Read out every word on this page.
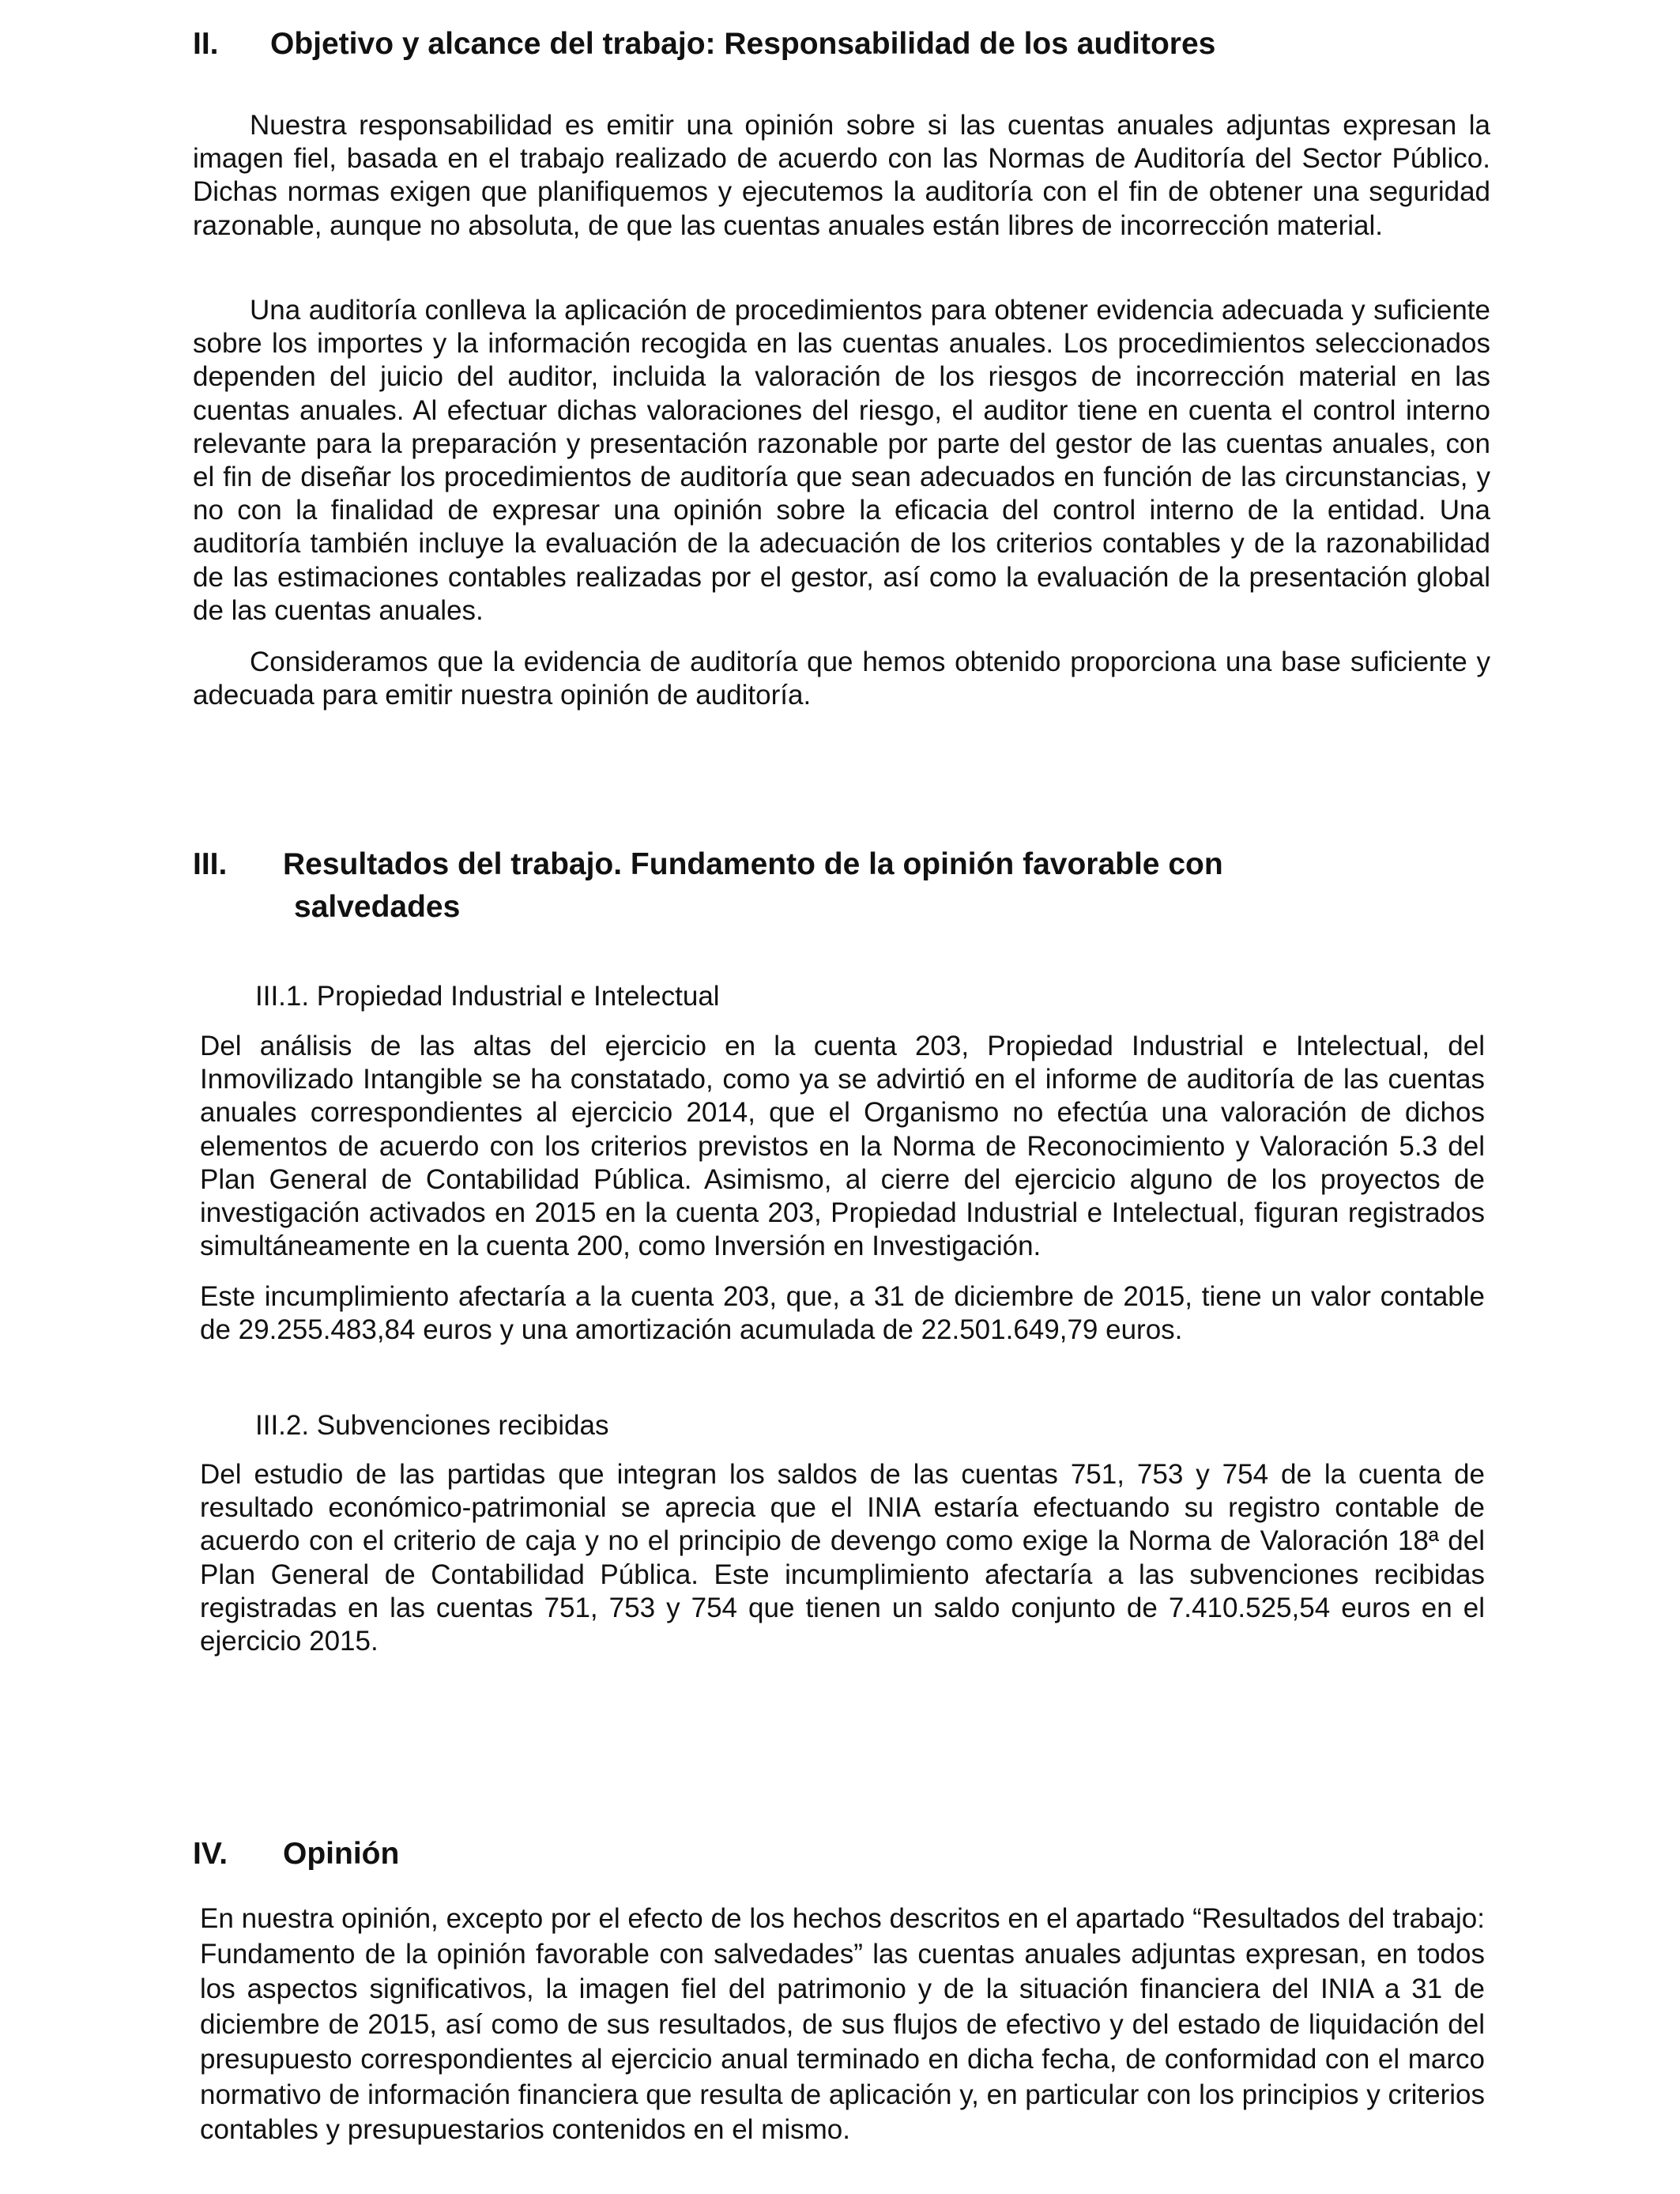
II. Objetivo y alcance del trabajo: Responsabilidad de los auditores

Nuestra responsabilidad es emitir una opinión sobre si las cuentas anuales adjuntas expresan la imagen fiel, basada en el trabajo realizado de acuerdo con las Normas de Auditoría del Sector Público. Dichas normas exigen que planifiquemos y ejecutemos la auditoría con el fin de obtener una seguridad razonable, aunque no absoluta, de que las cuentas anuales están libres de incorrección material.

Una auditoría conlleva la aplicación de procedimientos para obtener evidencia adecuada y suficiente sobre los importes y la información recogida en las cuentas anuales. Los procedimientos seleccionados dependen del juicio del auditor, incluida la valoración de los riesgos de incorrección material en las cuentas anuales. Al efectuar dichas valoraciones del riesgo, el auditor tiene en cuenta el control interno relevante para la preparación y presentación razonable por parte del gestor de las cuentas anuales, con el fin de diseñar los procedimientos de auditoría que sean adecuados en función de las circunstancias, y no con la finalidad de expresar una opinión sobre la eficacia del control interno de la entidad. Una auditoría también incluye la evaluación de la adecuación de los criterios contables y de la razonabilidad de las estimaciones contables realizadas por el gestor, así como la evaluación de la presentación global de las cuentas anuales.

Consideramos que la evidencia de auditoría que hemos obtenido proporciona una base suficiente y adecuada para emitir nuestra opinión de auditoría.

III. Resultados del trabajo. Fundamento de la opinión favorable con
salvedades
III.1. Propiedad Industrial e Intelectual

Del análisis de las altas del ejercicio en la cuenta 203, Propiedad Industrial e Intelectual, del Inmovilizado Intangible se ha constatado, como ya se advirtió en el informe de auditoría de las cuentas anuales correspondientes al ejercicio 2014, que el Organismo no efectúa una valoración de dichos elementos de acuerdo con los criterios previstos en la Norma de Reconocimiento y Valoración 5.3 del Plan General de Contabilidad Pública. Asimismo, al cierre del ejercicio alguno de los proyectos de investigación activados en 2015 en la cuenta 203, Propiedad Industrial e Intelectual, figuran registrados simultáneamente en la cuenta 200, como Inversión en Investigación.

Este incumplimiento afectaría a la cuenta 203, que, a 31 de diciembre de 2015, tiene un valor contable de 29.255.483,84 euros y una amortización acumulada de 22.501.649,79 euros.

III.2. Subvenciones recibidas

Del estudio de las partidas que integran los saldos de las cuentas 751, 753 y 754 de la cuenta de resultado económico-patrimonial se aprecia que el INIA estaría efectuando su registro contable de acuerdo con el criterio de caja y no el principio de devengo como exige la Norma de Valoración 18ª del Plan General de Contabilidad Pública. Este incumplimiento afectaría a las subvenciones recibidas registradas en las cuentas 751, 753 y 754 que tienen un saldo conjunto de 7.410.525,54 euros en el ejercicio 2015.

IV. Opinión

En nuestra opinión, excepto por el efecto de los hechos descritos en el apartado “Resultados del trabajo: Fundamento de la opinión favorable con salvedades” las cuentas anuales adjuntas expresan, en todos los aspectos significativos, la imagen fiel del patrimonio y de la situación financiera del INIA a 31 de diciembre de 2015, así como de sus resultados, de sus flujos de efectivo y del estado de liquidación del presupuesto correspondientes al ejercicio anual terminado en dicha fecha, de conformidad con el marco normativo de información financiera que resulta de aplicación y, en particular con los principios y criterios contables y presupuestarios contenidos en el mismo.
